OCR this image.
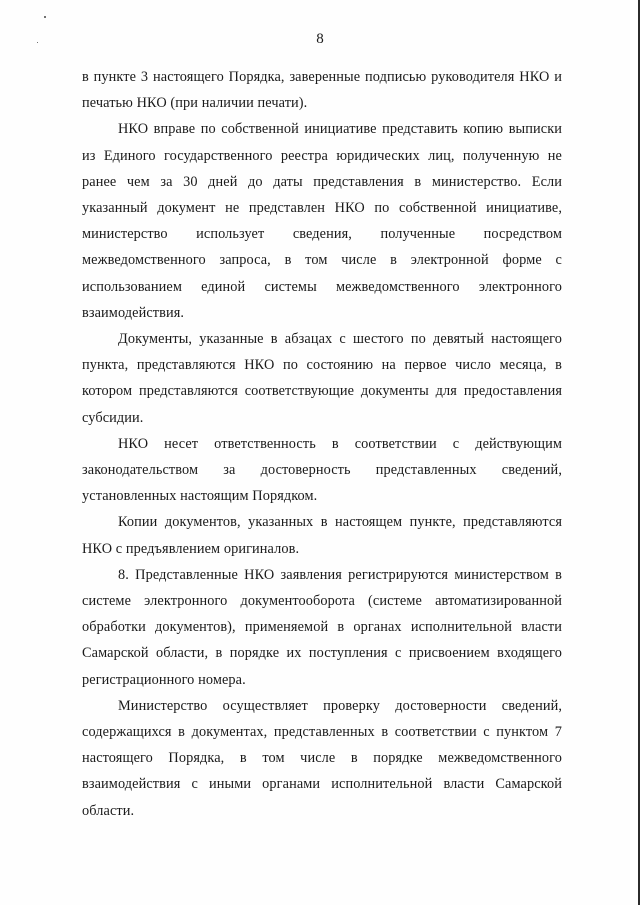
8

в пункте 3 настоящего Порядка, заверенные подписью руководителя НКО и печатью НКО (при наличии печати).

НКО вправе по собственной инициативе представить копию выписки из Единого государственного реестра юридических лиц, полученную не ранее чем за 30 дней до даты представления в министерство. Если указанный документ не представлен НКО по собственной инициативе, министерство использует сведения, полученные посредством межведомственного запроса, в том числе в электронной форме с использованием единой системы межведомственного электронного взаимодействия.

Документы, указанные в абзацах с шестого по девятый настоящего пункта, представляются НКО по состоянию на первое число месяца, в котором представляются соответствующие документы для предоставления субсидии.

НКО несет ответственность в соответствии с действующим законодательством за достоверность представленных сведений, установленных настоящим Порядком.

Копии документов, указанных в настоящем пункте, представляются НКО с предъявлением оригиналов.

8. Представленные НКО заявления регистрируются министерством в системе электронного документооборота (системе автоматизированной обработки документов), применяемой в органах исполнительной власти Самарской области, в порядке их поступления с присвоением входящего регистрационного номера.

Министерство осуществляет проверку достоверности сведений, содержащихся в документах, представленных в соответствии с пунктом 7 настоящего Порядка, в том числе в порядке межведомственного взаимодействия с иными органами исполнительной власти Самарской области.
